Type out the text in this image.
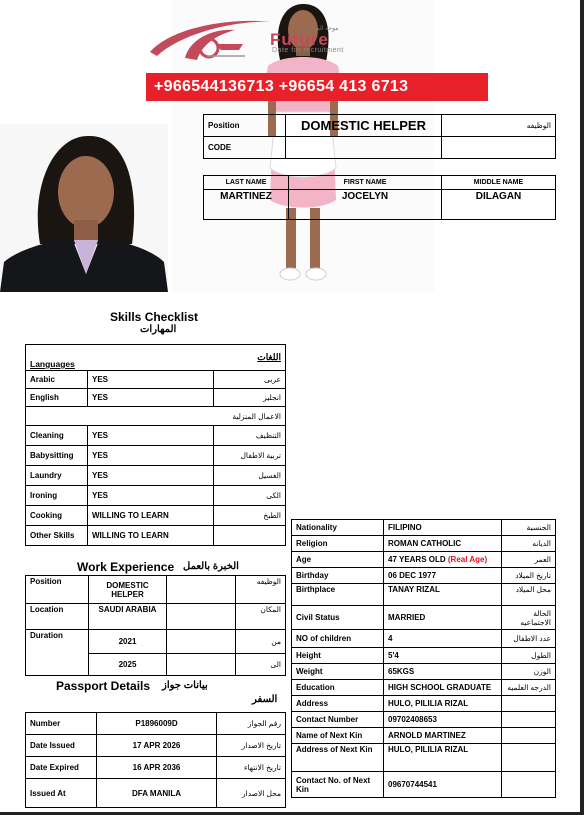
موجه المستقبل
Future
Date for recruitment
+966544136713 +96654 413 6713

Position	DOMESTIC HELPER	الوظيفه
CODE		
LAST NAME	FIRST NAME	MIDDLE NAME
MARTINEZ	JOCELYN	DILAGAN
Skills Checklist
المهارات
Languages		اللغات
Arabic	YES	عربى
English	YES	انجليز
الاعمال المنزلية		
Cleaning	YES	التنظيف
Babysitting	YES	تربية الاطفال
Laundry	YES	الغسيل
Ironing	YES	الكى
Cooking	WILLING TO LEARN	الطبخ
Other Skills	WILLING TO LEARN	
Work Experience الخبرة بالعمل
Position	DOMESTIC HELPER		الوظيفه
Location	SAUDI ARABIA		المكان
Duration	2021		من
	2025		الى
Passport Details بيانات جواز
السفر
Number	P1896009D	رقم الجواز
Date Issued	17 APR 2026	تاريخ الاصدار
Date Expired	16 APR 2036	تاريخ الانتهاء
Issued At	DFA MANILA	محل الاصدار
Nationality	FILIPINO	الجنسية
Religion	ROMAN CATHOLIC	الديانه
Age	47 YEARS OLD (Real Age)	العمر
Birthday	06 DEC 1977	تاريخ الميلاد
Birthplace	TANAY RIZAL	محل الميلاد
Civil Status	MARRIED	الحالة الاجتماعيه
NO of children	4	عدد الاطفال
Height	5'4	الطول
Weight	65KGS	الوزن
Education	HIGH SCHOOL GRADUATE	الدرجه العلميه
Address	HULO, PILILIA RIZAL	
Contact Number	09702408653	
Name of Next Kin	ARNOLD MARTINEZ	
Address of Next Kin	HULO, PILILIA RIZAL	
Contact No. of Next Kin	09670744541	
